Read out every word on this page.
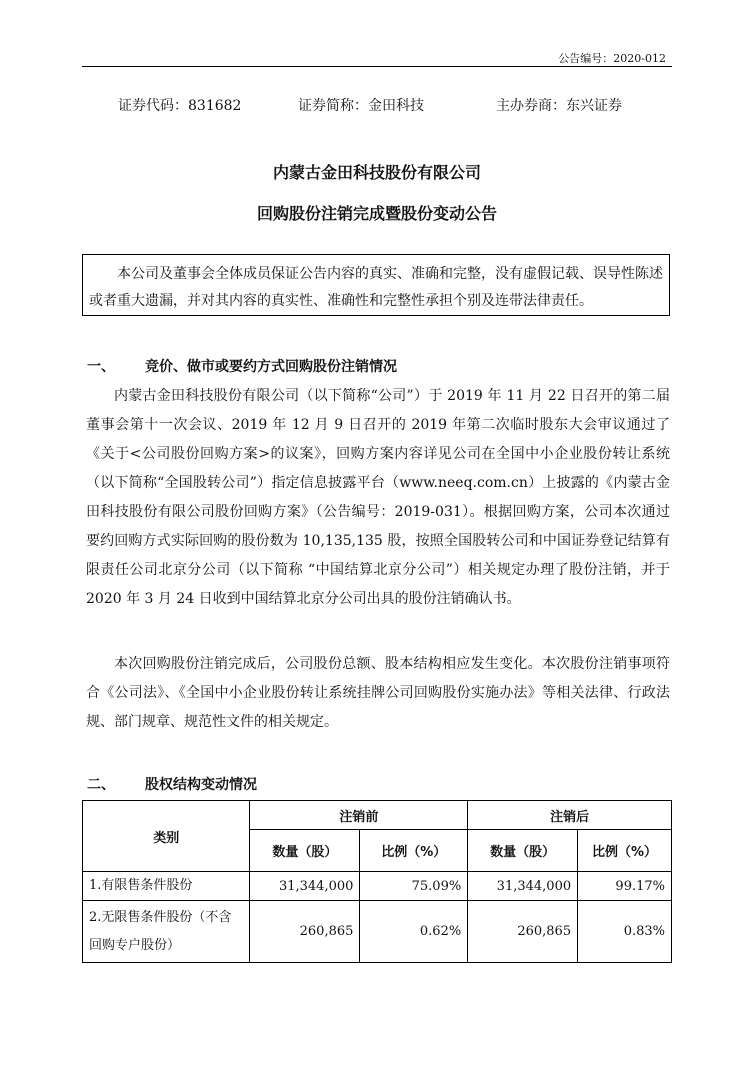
公告编号：2020-012
证券代码：831682	证券简称：金田科技	主办券商：东兴证券
内蒙古金田科技股份有限公司
回购股份注销完成暨股份变动公告

本公司及董事会全体成员保证公告内容的真实、准确和完整，没有虚假记载、误导性陈述或者重大遗漏，并对其内容的真实性、准确性和完整性承担个别及连带法律责任。

一、	竞价、做市或要约方式回购股份注销情况

内蒙古金田科技股份有限公司（以下简称“公司”）于 2019 年 11 月 22 日召开的第二届董事会第十一次会议、2019 年 12 月 9 日召开的 2019 年第二次临时股东大会审议通过了《关于<公司股份回购方案>的议案》，回购方案内容详见公司在全国中小企业股份转让系统（以下简称“全国股转公司”）指定信息披露平台（www.neeq.com.cn）上披露的《内蒙古金田科技股份有限公司股份回购方案》（公告编号：2019-031）。根据回购方案，公司本次通过要约回购方式实际回购的股份数为 10,135,135 股，按照全国股转公司和中国证券登记结算有限责任公司北京分公司（以下简称 “中国结算北京分公司”）相关规定办理了股份注销，并于 2020 年 3 月 24 日收到中国结算北京分公司出具的股份注销确认书。

本次回购股份注销完成后，公司股份总额、股本结构相应发生变化。本次股份注销事项符合《公司法》、《全国中小企业股份转让系统挂牌公司回购股份实施办法》等相关法律、行政法规、部门规章、规范性文件的相关规定。

二、	股权结构变动情况
类别	注销前		注销后	
	数量（股）	比例（%）	数量（股）	比例（%）
1.有限售条件股份	31,344,000	75.09%	31,344,000	99.17%
2.无限售条件股份（不含回购专户股份）	260,865	0.62%	260,865	0.83%
